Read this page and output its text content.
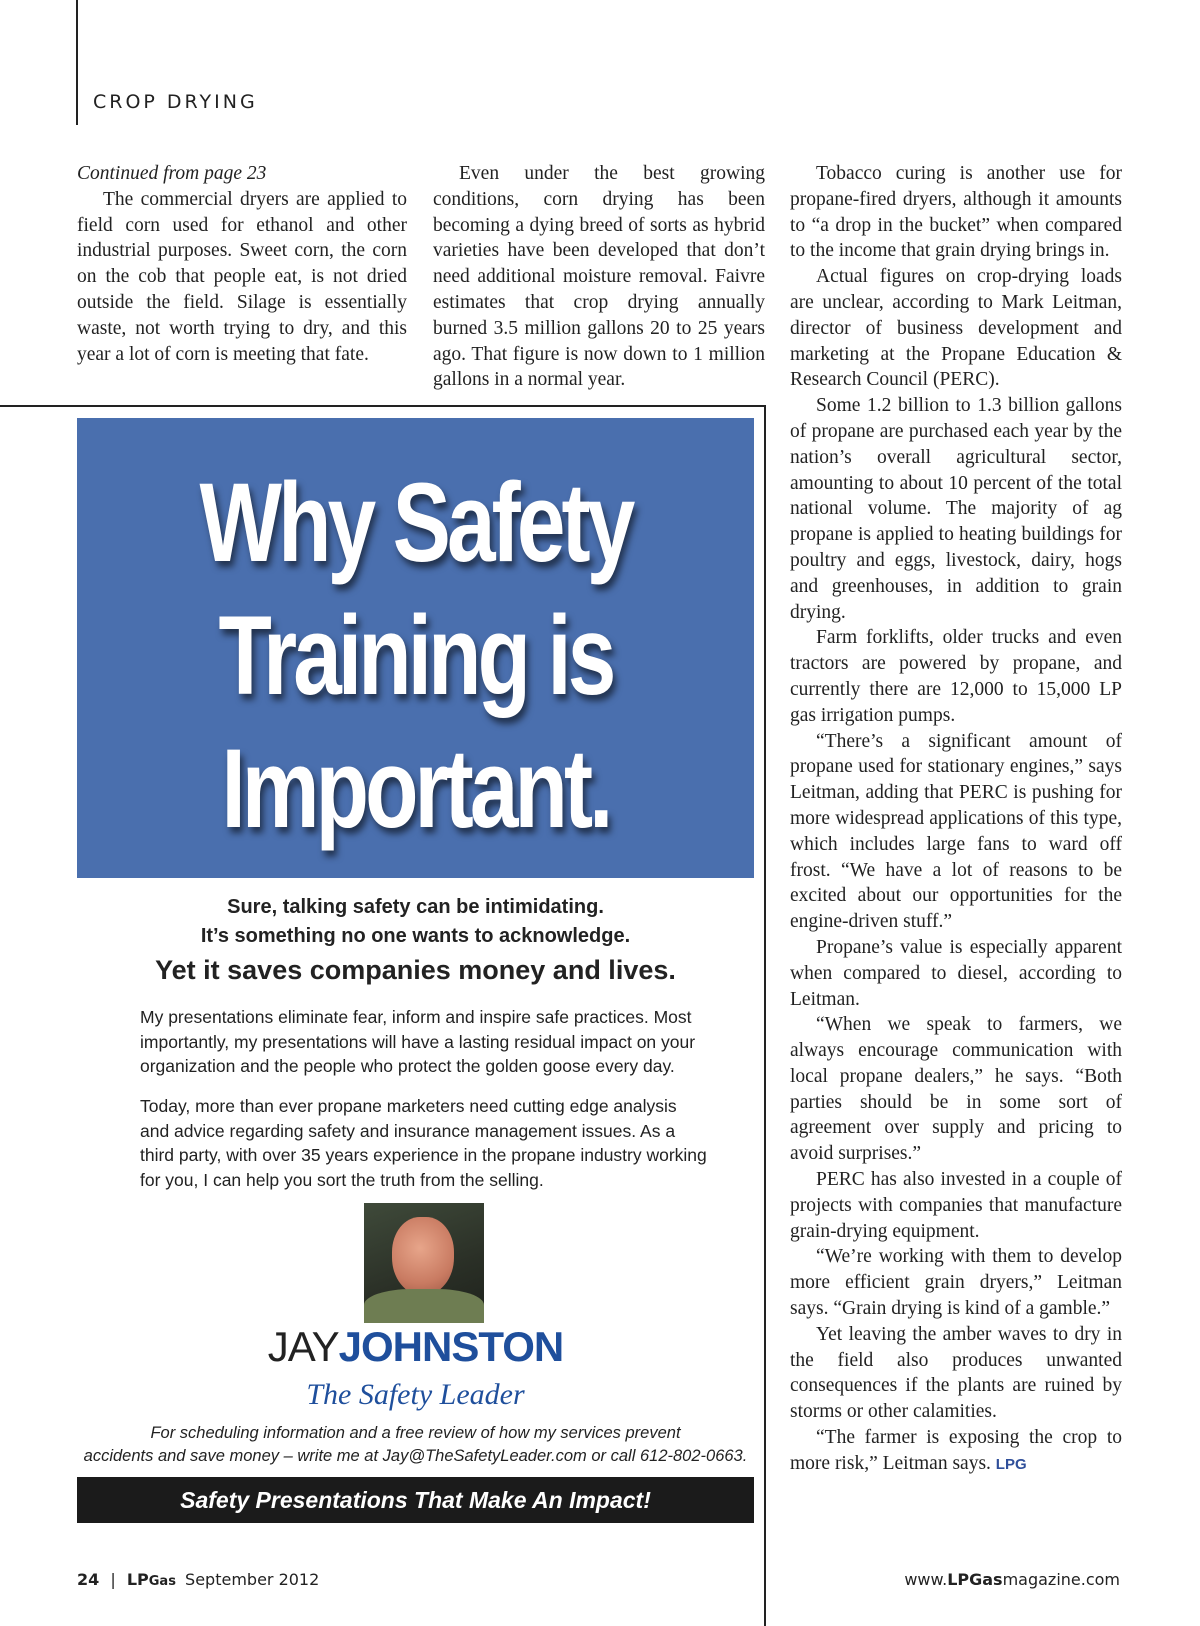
CROP DRYING

Continued from page 23

The commercial dryers are applied to field corn used for ethanol and other industrial purposes. Sweet corn, the corn on the cob that people eat, is not dried outside the field. Silage is essentially waste, not worth trying to dry, and this year a lot of corn is meeting that fate.

Even under the best growing conditions, corn drying has been becoming a dying breed of sorts as hybrid varieties have been developed that don’t need additional moisture removal. Faivre estimates that crop drying annually burned 3.5 million gallons 20 to 25 years ago. That figure is now down to 1 million gallons in a normal year.

Tobacco curing is another use for propane-fired dryers, although it amounts to “a drop in the bucket” when compared to the income that grain drying brings in.

Actual figures on crop-drying loads are unclear, according to Mark Leitman, director of business development and marketing at the Propane Education & Research Council (PERC).

Some 1.2 billion to 1.3 billion gallons of propane are purchased each year by the nation’s overall agricultural sector, amounting to about 10 percent of the total national volume. The majority of ag propane is applied to heating buildings for poultry and eggs, livestock, dairy, hogs and greenhouses, in addition to grain drying.

Farm forklifts, older trucks and even tractors are powered by propane, and currently there are 12,000 to 15,000 LP gas irrigation pumps.

“There’s a significant amount of propane used for stationary engines,” says Leitman, adding that PERC is pushing for more widespread applications of this type, which includes large fans to ward off frost. “We have a lot of reasons to be excited about our opportunities for the engine-driven stuff.”

Propane’s value is especially apparent when compared to diesel, according to Leitman.

“When we speak to farmers, we always encourage communication with local propane dealers,” he says. “Both parties should be in some sort of agreement over supply and pricing to avoid surprises.”

PERC has also invested in a couple of projects with companies that manufacture grain-drying equipment.

“We’re working with them to develop more efficient grain dryers,” Leitman says. “Grain drying is kind of a gamble.”

Yet leaving the amber waves to dry in the field also produces unwanted consequences if the plants are ruined by storms or other calamities.

“The farmer is exposing the crop to more risk,” Leitman says. LPG

Why Safety
Training is
Important.
Sure, talking safety can be intimidating.
It’s something no one wants to acknowledge.
Yet it saves companies money and lives.

My presentations eliminate fear, inform and inspire safe practices. Most importantly, my presentations will have a lasting residual impact on your organization and the people who protect the golden goose every day.

Today, more than ever propane marketers need cutting edge analysis and advice regarding safety and insurance management issues. As a third party, with over 35 years experience in the propane industry working for you, I can help you sort the truth from the selling.

JAYJOHNSTON
The Safety Leader
For scheduling information and a free review of how my services prevent
accidents and save money – write me at Jay@TheSafetyLeader.com or call 612-802-0663.
Safety Presentations That Make An Impact!
24 | LPGas September 2012	www.LPGasmagazine.com
